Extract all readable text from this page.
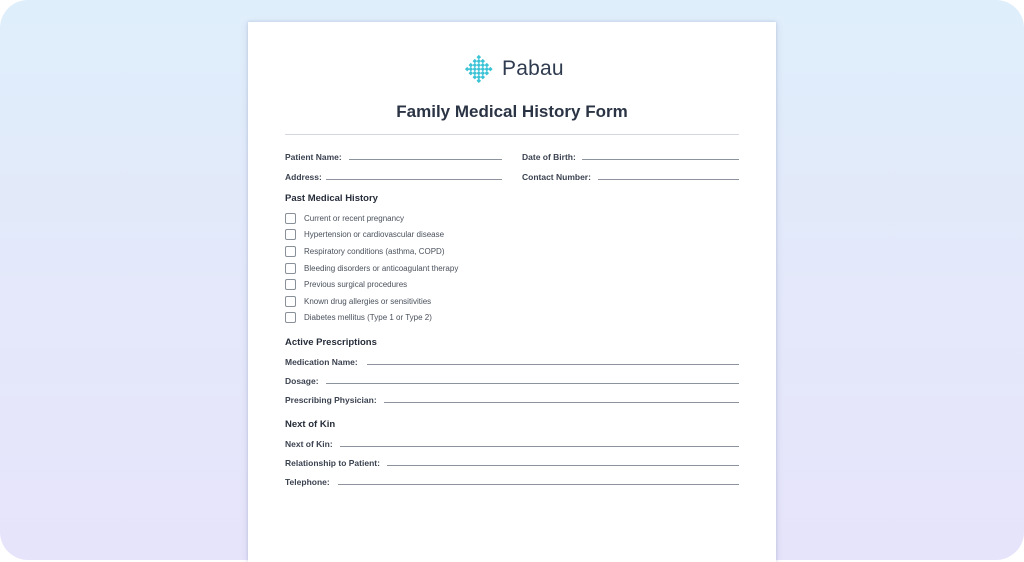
Pabau
Family Medical History Form
Patient Name:	Date of Birth:
Address:	Contact Number:
Past Medical History
Current or recent pregnancy
Hypertension or cardiovascular disease
Respiratory conditions (asthma, COPD)
Bleeding disorders or anticoagulant therapy
Previous surgical procedures
Known drug allergies or sensitivities
Diabetes mellitus (Type 1 or Type 2)
Active Prescriptions
Medication Name:
Dosage:
Prescribing Physician:
Next of Kin
Next of Kin:
Relationship to Patient:
Telephone:
